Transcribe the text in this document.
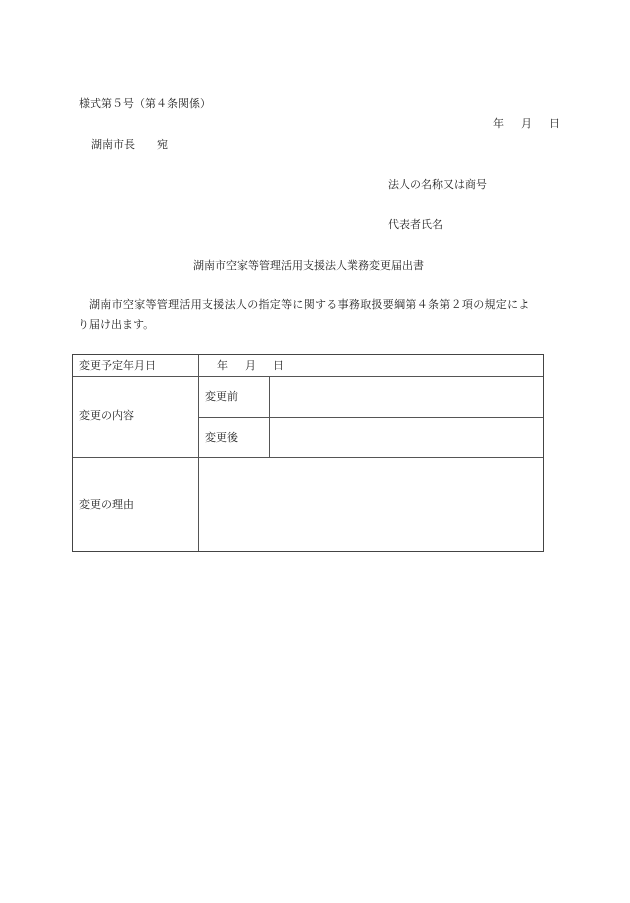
様式第５号（第４条関係）
年　月　日
湖南市長　　宛
法人の名称又は商号
代表者氏名
湖南市空家等管理活用支援法人業務変更届出書
湖南市空家等管理活用支援法人の指定等に関する事務取扱要綱第４条第２項の規定によ
り届け出ます。
変更予定年月日	年　月　日
変更の内容
変更前
変更後
変更の理由
